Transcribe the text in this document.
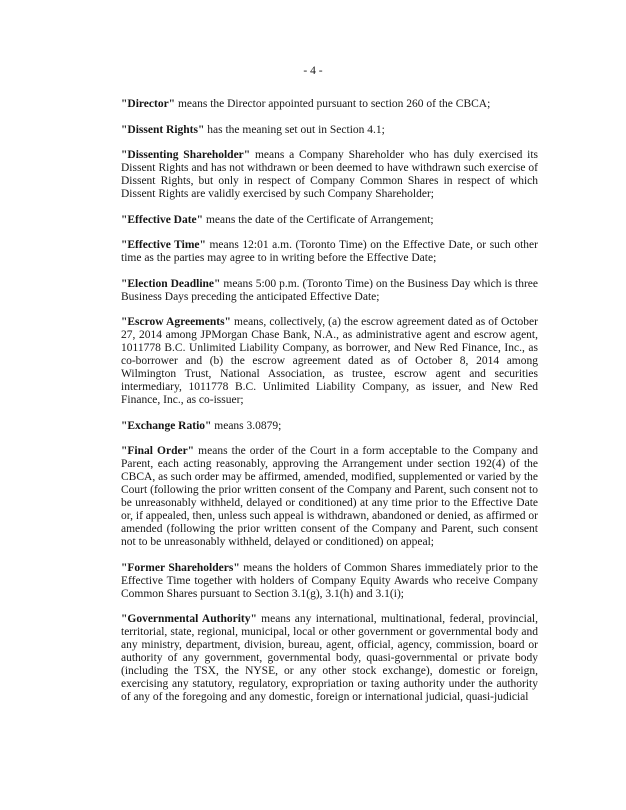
- 4 -

"Director" means the Director appointed pursuant to section 260 of the CBCA;

"Dissent Rights" has the meaning set out in Section 4.1;

"Dissenting Shareholder" means a Company Shareholder who has duly exercised its Dissent Rights and has not withdrawn or been deemed to have withdrawn such exercise of Dissent Rights, but only in respect of Company Common Shares in respect of which Dissent Rights are validly exercised by such Company Shareholder;

"Effective Date" means the date of the Certificate of Arrangement;

"Effective Time" means 12:01 a.m. (Toronto Time) on the Effective Date, or such other time as the parties may agree to in writing before the Effective Date;

"Election Deadline" means 5:00 p.m. (Toronto Time) on the Business Day which is three Business Days preceding the anticipated Effective Date;

"Escrow Agreements" means, collectively, (a) the escrow agreement dated as of October 27, 2014 among JPMorgan Chase Bank, N.A., as administrative agent and escrow agent, 1011778 B.C. Unlimited Liability Company, as borrower, and New Red Finance, Inc., as co-borrower and (b) the escrow agreement dated as of October 8, 2014 among Wilmington Trust, National Association, as trustee, escrow agent and securities intermediary, 1011778 B.C. Unlimited Liability Company, as issuer, and New Red Finance, Inc., as co-issuer;

"Exchange Ratio" means 3.0879;

"Final Order" means the order of the Court in a form acceptable to the Company and Parent, each acting reasonably, approving the Arrangement under section 192(4) of the CBCA, as such order may be affirmed, amended, modified, supplemented or varied by the Court (following the prior written consent of the Company and Parent, such consent not to be unreasonably withheld, delayed or conditioned) at any time prior to the Effective Date or, if appealed, then, unless such appeal is withdrawn, abandoned or denied, as affirmed or amended (following the prior written consent of the Company and Parent, such consent not to be unreasonably withheld, delayed or conditioned) on appeal;

"Former Shareholders" means the holders of Common Shares immediately prior to the Effective Time together with holders of Company Equity Awards who receive Company Common Shares pursuant to Section 3.1(g), 3.1(h) and 3.1(i);

"Governmental Authority" means any international, multinational, federal, provincial, territorial, state, regional, municipal, local or other government or governmental body and any ministry, department, division, bureau, agent, official, agency, commission, board or authority of any government, governmental body, quasi-governmental or private body (including the TSX, the NYSE, or any other stock exchange), domestic or foreign, exercising any statutory, regulatory, expropriation or taxing authority under the authority of any of the foregoing and any domestic, foreign or international judicial, quasi-judicial
